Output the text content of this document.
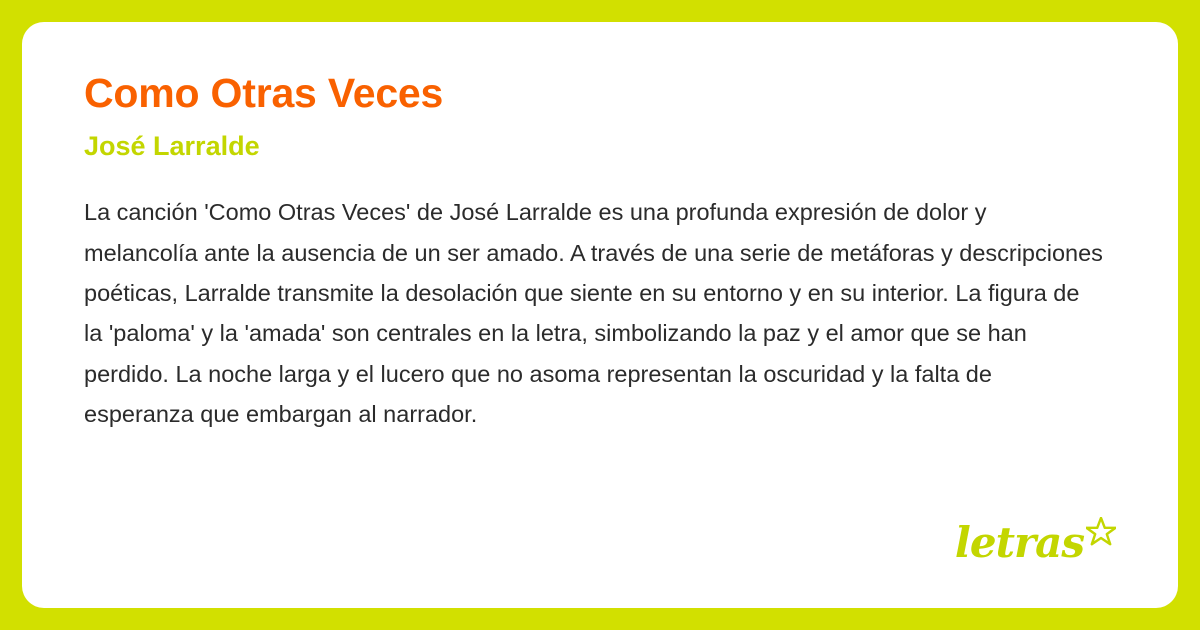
Como Otras Veces
José Larralde

La canción 'Como Otras Veces' de José Larralde es una profunda expresión de dolor y melancolía ante la ausencia de un ser amado. A través de una serie de metáforas y descripciones poéticas, Larralde transmite la desolación que siente en su entorno y en su interior. La figura de la 'paloma' y la 'amada' son centrales en la letra, simbolizando la paz y el amor que se han perdido. La noche larga y el lucero que no asoma representan la oscuridad y la falta de esperanza que embargan al narrador.

letras
